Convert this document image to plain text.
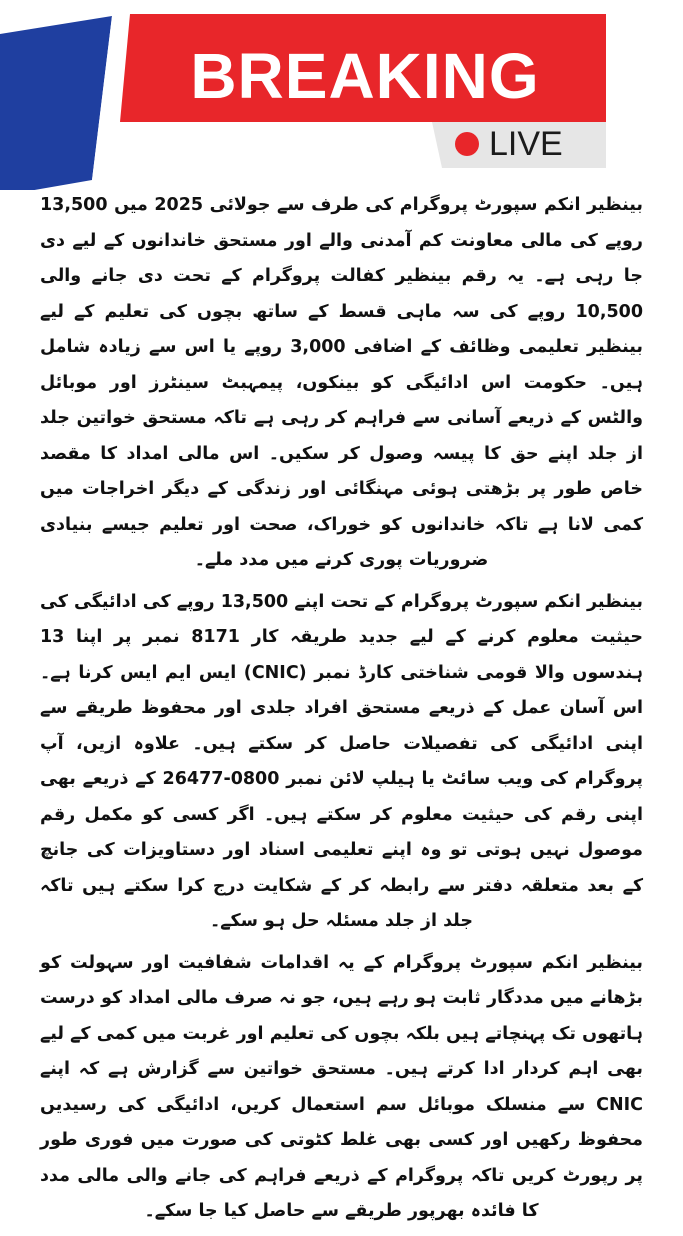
BREAKING
LIVE

بینظیر انکم سپورٹ پروگرام کی طرف سے جولائی 2025 میں 13,500 روپے کی مالی معاونت کم آمدنی والے اور مستحق خاندانوں کے لیے دی جا رہی ہے۔ یہ رقم بینظیر کفالت پروگرام کے تحت دی جانے والی 10,500 روپے کی سہ ماہی قسط کے ساتھ بچوں کی تعلیم کے لیے بینظیر تعلیمی وظائف کے اضافی 3,000 روپے یا اس سے زیادہ شامل ہیں۔ حکومت اس ادائیگی کو بینکوں، پیمہبٹ سینٹرز اور موبائل والٹس کے ذریعے آسانی سے فراہم کر رہی ہے تاکہ مستحق خواتین جلد از جلد اپنے حق کا پیسہ وصول کر سکیں۔ اس مالی امداد کا مقصد خاص طور پر بڑھتی ہوئی مہنگائی اور زندگی کے دیگر اخراجات میں کمی لانا ہے تاکہ خاندانوں کو خوراک، صحت اور تعلیم جیسے بنیادی ضروریات پوری کرنے میں مدد ملے۔

بینظیر انکم سپورٹ پروگرام کے تحت اپنے 13,500 روپے کی ادائیگی کی حیثیت معلوم کرنے کے لیے جدید طریقہ کار 8171 نمبر پر اپنا 13 ہندسوں والا قومی شناختی کارڈ نمبر (CNIC) ایس ایم ایس کرنا ہے۔ اس آسان عمل کے ذریعے مستحق افراد جلدی اور محفوظ طریقے سے اپنی ادائیگی کی تفصیلات حاصل کر سکتے ہیں۔ علاوہ ازیں، آپ پروگرام کی ویب سائٹ یا ہیلپ لائن نمبر 0800-26477 کے ذریعے بھی اپنی رقم کی حیثیت معلوم کر سکتے ہیں۔ اگر کسی کو مکمل رقم موصول نہیں ہوتی تو وہ اپنے تعلیمی اسناد اور دستاویزات کی جانچ کے بعد متعلقہ دفتر سے رابطہ کر کے شکایت درج کرا سکتے ہیں تاکہ جلد از جلد مسئلہ حل ہو سکے۔

بینظیر انکم سپورٹ پروگرام کے یہ اقدامات شفافیت اور سہولت کو بڑھانے میں مددگار ثابت ہو رہے ہیں، جو نہ صرف مالی امداد کو درست ہاتھوں تک پہنچاتے ہیں بلکہ بچوں کی تعلیم اور غربت میں کمی کے لیے بھی اہم کردار ادا کرتے ہیں۔ مستحق خواتین سے گزارش ہے کہ اپنے CNIC سے منسلک موبائل سم استعمال کریں، ادائیگی کی رسیدیں محفوظ رکھیں اور کسی بھی غلط کٹوتی کی صورت میں فوری طور پر رپورٹ کریں تاکہ پروگرام کے ذریعے فراہم کی جانے والی مالی مدد کا فائدہ بھرپور طریقے سے حاصل کیا جا سکے۔
